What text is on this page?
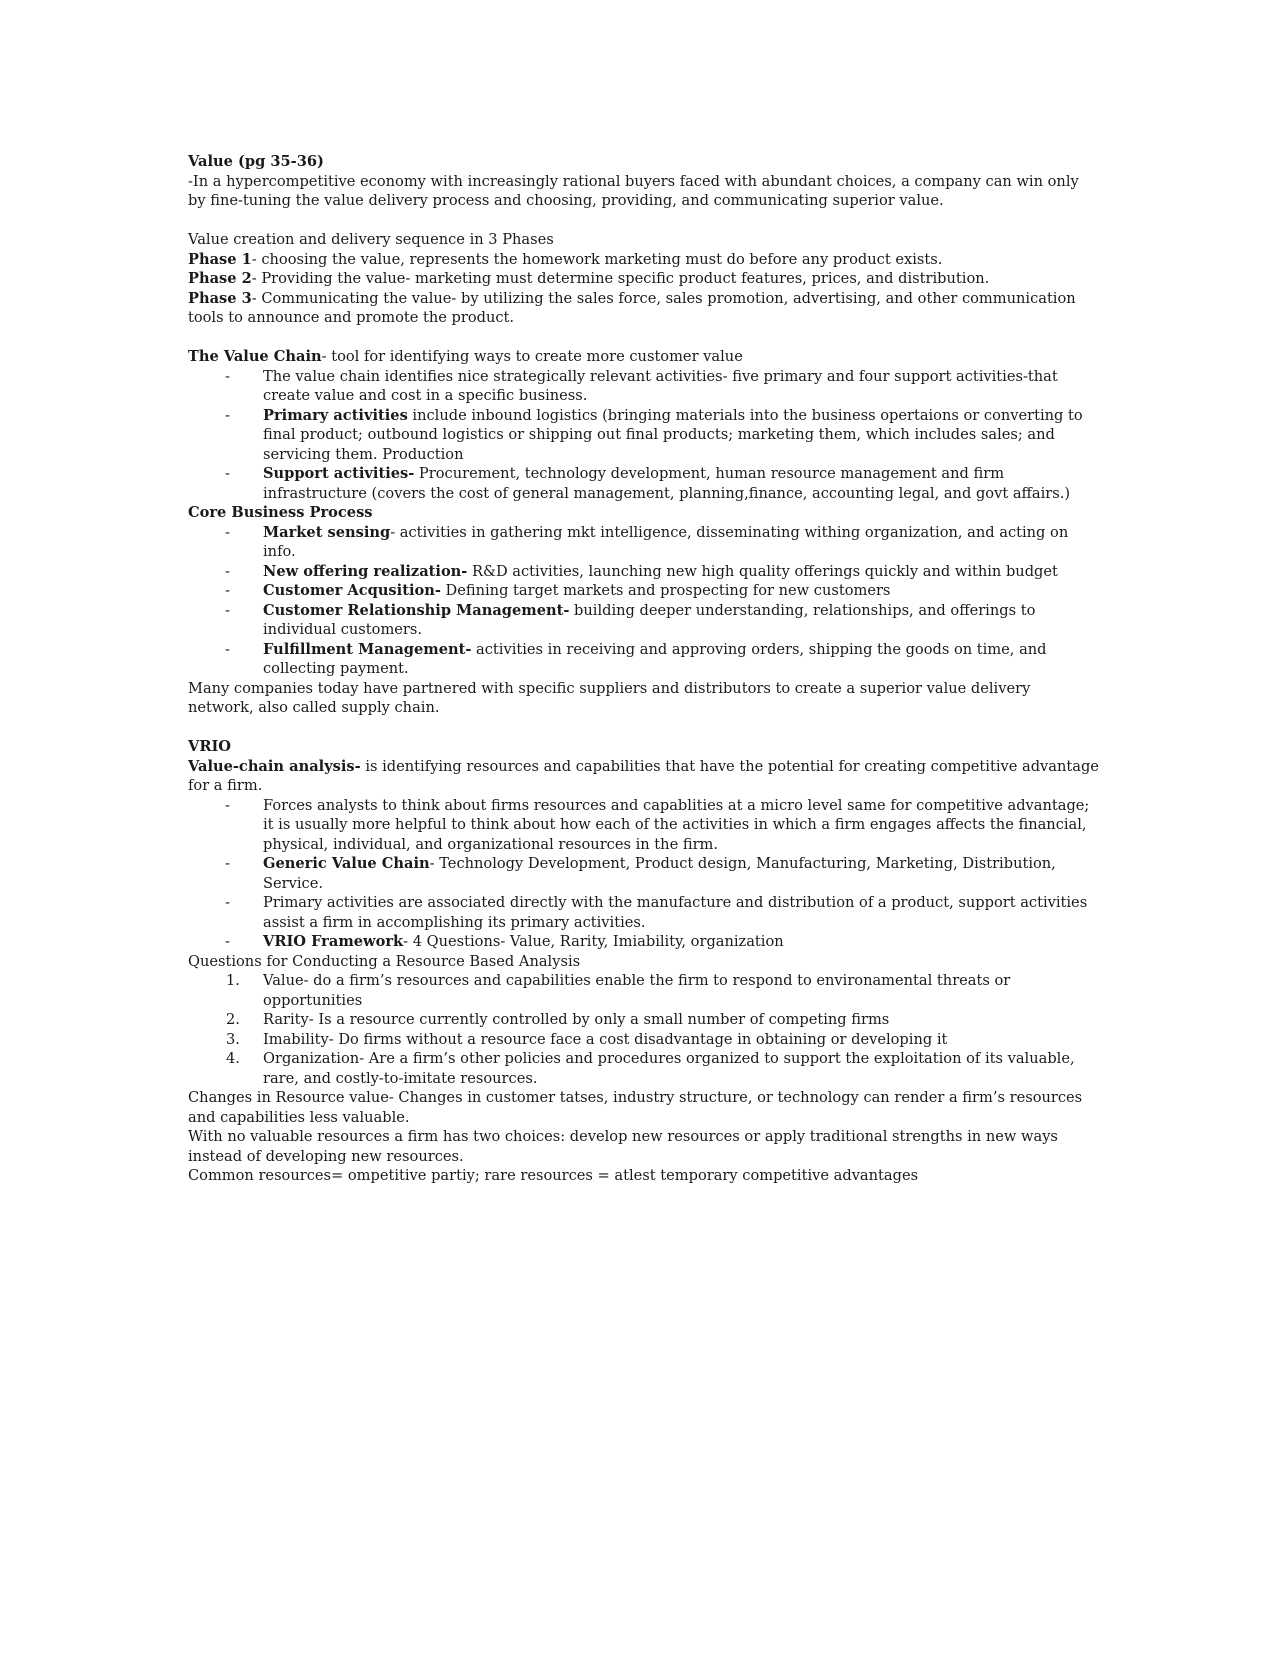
Value (pg 35-36)

-In a hypercompetitive economy with increasingly rational buyers faced with abundant choices, a company can win only by fine-tuning the value delivery process and choosing, providing, and communicating superior value.

Value creation and delivery sequence in 3 Phases

Phase 1- choosing the value, represents the homework marketing must do before any product exists.

Phase 2- Providing the value- marketing must determine specific product features, prices, and distribution.

Phase 3- Communicating the value- by utilizing the sales force, sales promotion, advertising, and other communication tools to announce and promote the product.

The Value Chain- tool for identifying ways to create more customer value

- The value chain identifies nice strategically relevant activities- five primary and four support activities-that create value and cost in a specific business.
- Primary activities include inbound logistics (bringing materials into the business opertaions or converting to final product; outbound logistics or shipping out final products; marketing them, which includes sales; and servicing them. Production
- Support activities- Procurement, technology development, human resource management and firm infrastructure (covers the cost of general management, planning,finance, accounting legal, and govt affairs.)

Core Business Process

- Market sensing- activities in gathering mkt intelligence, disseminating withing organization, and acting on info.
- New offering realization- R&D activities, launching new high quality offerings quickly and within budget
- Customer Acqusition- Defining target markets and prospecting for new customers
- Customer Relationship Management- building deeper understanding, relationships, and offerings to individual customers.
- Fulfillment Management- activities in receiving and approving orders, shipping the goods on time, and collecting payment.

Many companies today have partnered with specific suppliers and distributors to create a superior value delivery network, also called supply chain.

VRIO

Value-chain analysis- is identifying resources and capabilities that have the potential for creating competitive advantage for a firm.

- Forces analysts to think about firms resources and capablities at a micro level same for competitive advantage; it is usually more helpful to think about how each of the activities in which a firm engages affects the financial, physical, individual, and organizational resources in the firm.
- Generic Value Chain- Technology Development, Product design, Manufacturing, Marketing, Distribution, Service.
- Primary activities are associated directly with the manufacture and distribution of a product, support activities assist a firm in accomplishing its primary activities.
- VRIO Framework- 4 Questions- Value, Rarity, Imiability, organization

Questions for Conducting a Resource Based Analysis

1. Value- do a firm’s resources and capabilities enable the firm to respond to environamental threats or opportunities
2. Rarity- Is a resource currently controlled by only a small number of competing firms
3. Imability- Do firms without a resource face a cost disadvantage in obtaining or developing it
4. Organization- Are a firm’s other policies and procedures organized to support the exploitation of its valuable, rare, and costly-to-imitate resources.

Changes in Resource value- Changes in customer tatses, industry structure, or technology can render a firm’s resources and capabilities less valuable.

With no valuable resources a firm has two choices: develop new resources or apply traditional strengths in new ways instead of developing new resources.

Common resources= ompetitive partiy; rare resources = atlest temporary competitive advantages
